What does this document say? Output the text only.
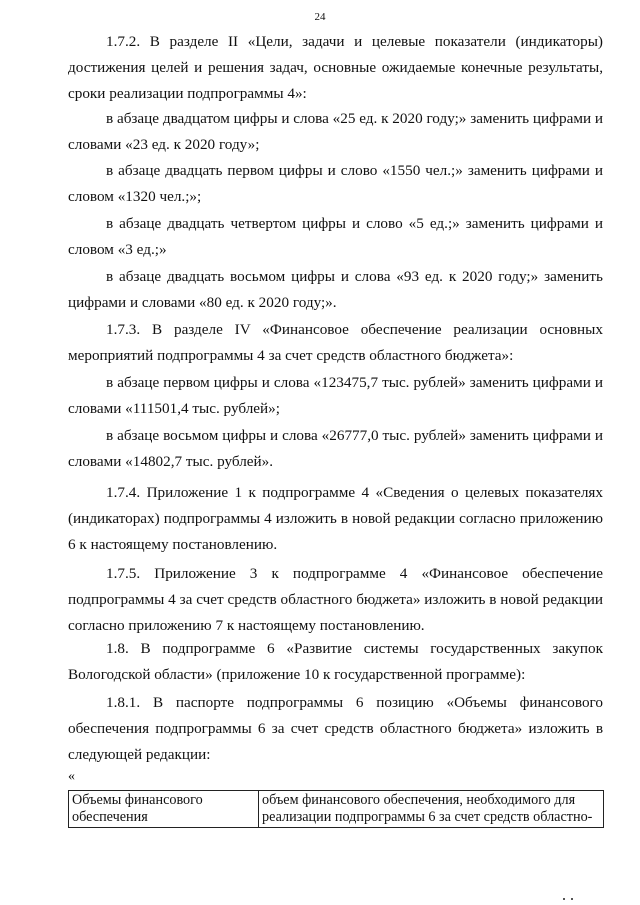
24

1.7.2. В разделе II «Цели, задачи и целевые показатели (индикаторы) достижения целей и решения задач, основные ожидаемые конечные результаты, сроки реализации подпрограммы 4»:

в абзаце двадцатом цифры и слова «25 ед. к 2020 году;» заменить цифрами и словами «23 ед. к 2020 году»;

в абзаце двадцать первом цифры и слово «1550 чел.;» заменить цифрами и словом «1320 чел.;»;

в абзаце двадцать четвертом цифры и слово «5 ед.;» заменить цифрами и словом «3 ед.;»

в абзаце двадцать восьмом цифры и слова «93 ед. к 2020 году;» заменить цифрами и словами «80 ед. к 2020 году;».

1.7.3. В разделе IV «Финансовое обеспечение реализации основных мероприятий подпрограммы 4 за счет средств областного бюджета»:

в абзаце первом цифры и слова «123475,7 тыс. рублей» заменить цифрами и словами «111501,4 тыс. рублей»;

в абзаце восьмом цифры и слова «26777,0 тыс. рублей» заменить цифрами и словами «14802,7 тыс. рублей».

1.7.4. Приложение 1 к подпрограмме 4 «Сведения о целевых показателях (индикаторах) подпрограммы 4 изложить в новой редакции согласно приложению 6 к настоящему постановлению.

1.7.5. Приложение 3 к подпрограмме 4 «Финансовое обеспечение подпрограммы 4 за счет средств областного бюджета» изложить в новой редакции согласно приложению 7 к настоящему постановлению.

1.8. В подпрограмме 6 «Развитие системы государственных закупок Вологодской области» (приложение 10 к государственной программе):

1.8.1. В паспорте подпрограммы 6 позицию «Объемы финансового обеспечения подпрограммы 6 за счет средств областного бюджета» изложить в следующей редакции:

«
Объемы финансового обеспечения	объем финансового обеспечения, необходимого для реализации подпрограммы 6 за счет средств областно-
